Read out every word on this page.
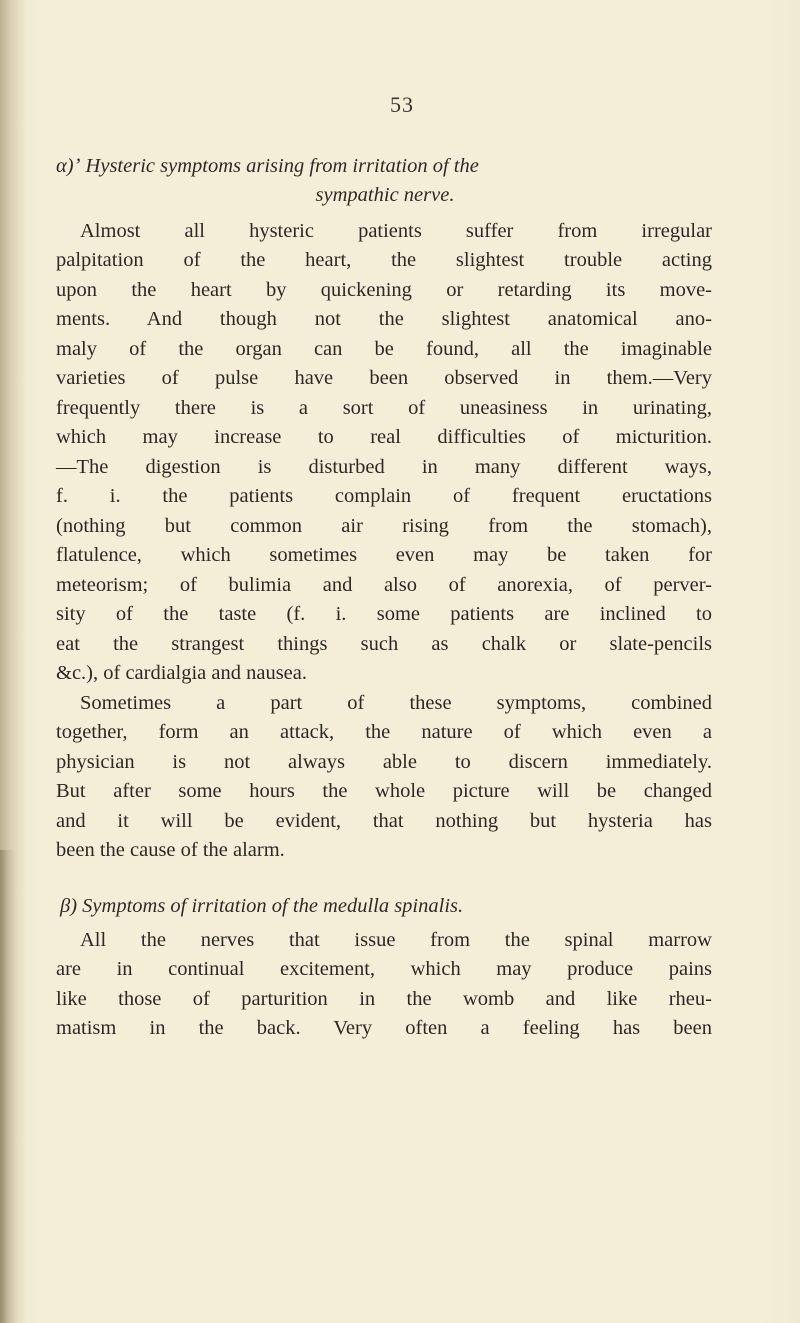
53
α)ʼ Hysteric symptoms arising from irritation of the
sympathic nerve.
Almost all hysteric patients suffer from irregular
palpitation of the heart, the slightest trouble acting
upon the heart by quickening or retarding its move-
ments. And though not the slightest anatomical ano-
maly of the organ can be found, all the imaginable
varieties of pulse have been observed in them.—Very
frequently there is a sort of uneasiness in urinating,
which may increase to real difficulties of micturition.
—The digestion is disturbed in many different ways,
f. i. the patients complain of frequent eructations
(nothing but common air rising from the stomach),
flatulence, which sometimes even may be taken for
meteorism; of bulimia and also of anorexia, of perver-
sity of the taste (f. i. some patients are inclined to
eat the strangest things such as chalk or slate-pencils
&c.), of cardialgia and nausea.
Sometimes a part of these symptoms, combined
together, form an attack, the nature of which even a
physician is not always able to discern immediately.
But after some hours the whole picture will be changed
and it will be evident, that nothing but hysteria has
been the cause of the alarm.
β) Symptoms of irritation of the medulla spinalis.
All the nerves that issue from the spinal marrow
are in continual excitement, which may produce pains
like those of parturition in the womb and like rheu-
matism in the back. Very often a feeling has been
